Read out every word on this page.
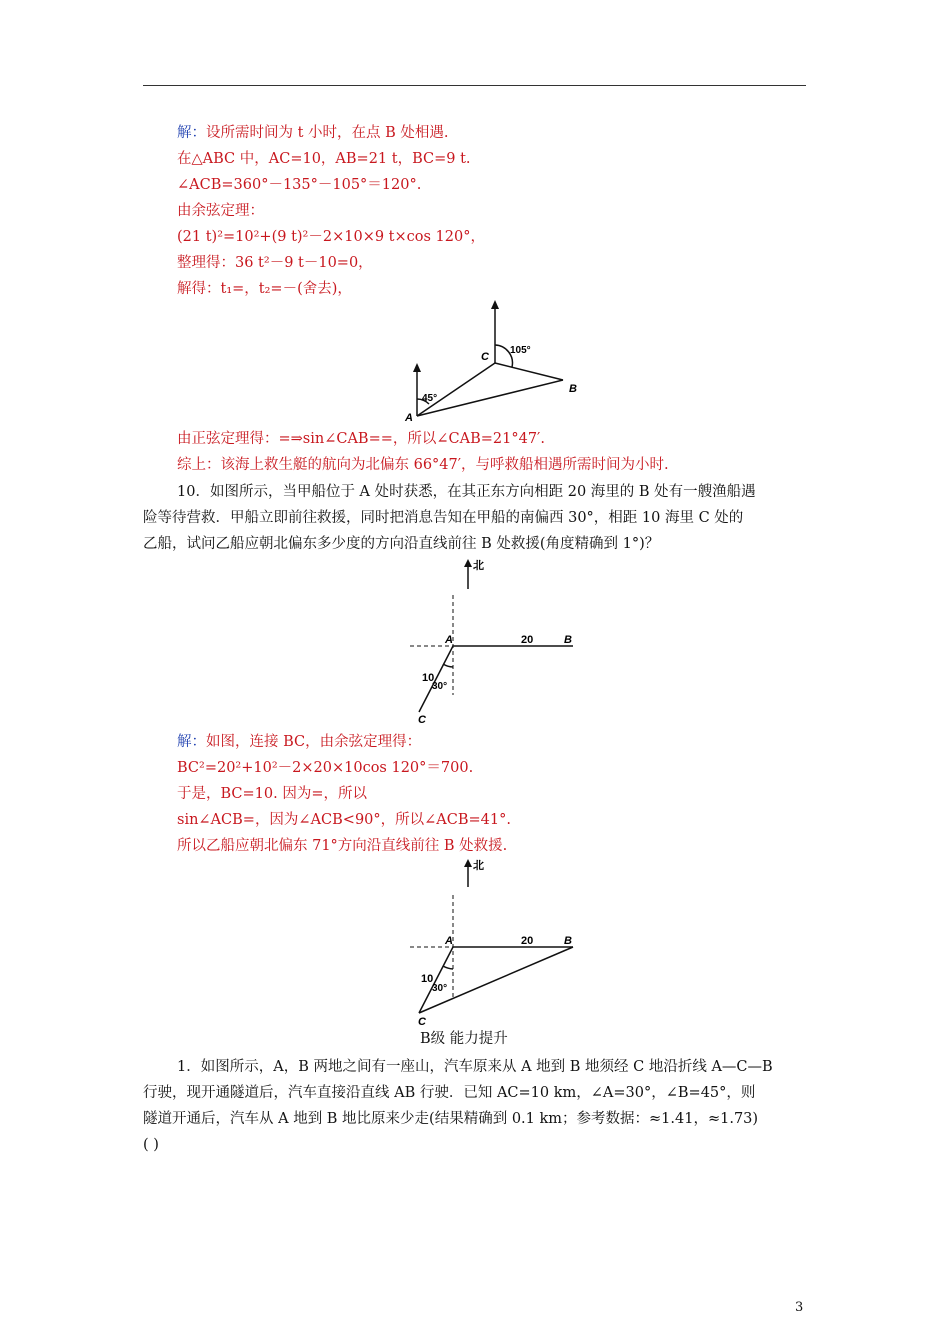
解：设所需时间为 t 小时，在点 B 处相遇.
在△ABC 中，AC=10，AB=21 t，BC=9 t.
∠ACB=360°－135°－105°＝120°.
由余弦定理：
(21 t)²=10²+(9 t)²－2×10×9 t×cos 120°，
整理得：36 t²－9 t－10=0，
解得：t₁=，t₂=－(舍去)，
C
105°
B
45°
A
由正弦定理得：=⇒sin∠CAB==，所以∠CAB=21°47′.
综上：该海上救生艇的航向为北偏东 66°47′，与呼救船相遇所需时间为小时.
10．如图所示，当甲船位于 A 处时获悉，在其正东方向相距 20 海里的 B 处有一艘渔船遇
险等待营救．甲船立即前往救援，同时把消息告知在甲船的南偏西 30°，相距 10 海里 C 处的
乙船，试问乙船应朝北偏东多少度的方向沿直线前往 B 处救援(角度精确到 1°)？
北
A	20	B
10
30°
C
解：如图，连接 BC，由余弦定理得：
BC²=20²+10²－2×20×10cos 120°＝700.
于是，BC=10. 因为=，所以
sin∠ACB=，因为∠ACB<90°，所以∠ACB=41°.
所以乙船应朝北偏东 71°方向沿直线前往 B 处救援.
北
A	20	B
10
30°
C
B级 能力提升
1．如图所示，A，B 两地之间有一座山，汽车原来从 A 地到 B 地须经 C 地沿折线 A—C—B
行驶，现开通隧道后，汽车直接沿直线 AB 行驶．已知 AC=10 km，∠A=30°，∠B=45°，则
隧道开通后，汽车从 A 地到 B 地比原来少走(结果精确到 0.1 km；参考数据：≈1.41，≈1.73)
( )
3
